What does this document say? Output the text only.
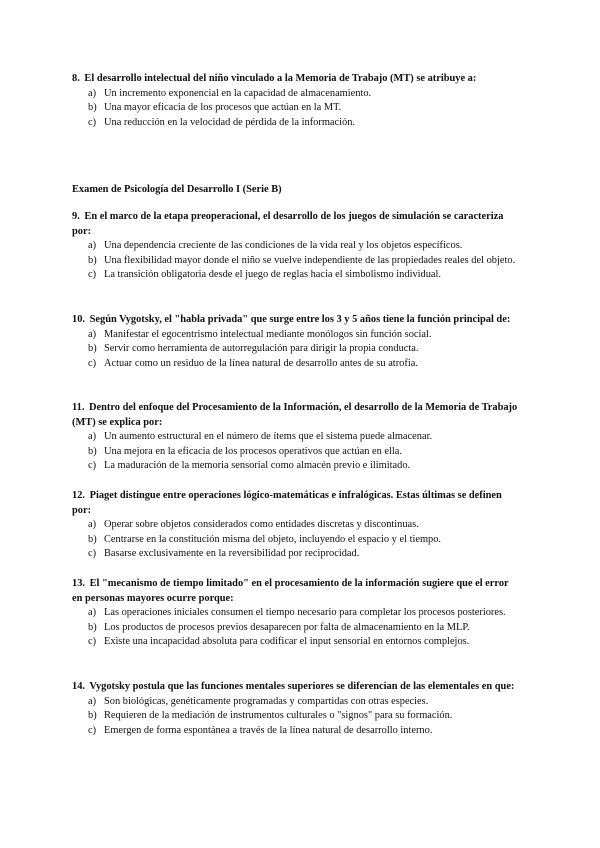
8. El desarrollo intelectual del niño vinculado a la Memoria de Trabajo (MT) se atribuye a:
a) Un incremento exponencial en la capacidad de almacenamiento.
b) Una mayor eficacia de los procesos que actúan en la MT.
c) Una reducción en la velocidad de pérdida de la información.
Examen de Psicología del Desarrollo I (Serie B)
9. En el marco de la etapa preoperacional, el desarrollo de los juegos de simulación se caracteriza por:
a) Una dependencia creciente de las condiciones de la vida real y los objetos específicos.
b) Una flexibilidad mayor donde el niño se vuelve independiente de las propiedades reales del objeto.
c) La transición obligatoria desde el juego de reglas hacia el simbolismo individual.
10. Según Vygotsky, el "habla privada" que surge entre los 3 y 5 años tiene la función principal de:
a) Manifestar el egocentrismo intelectual mediante monólogos sin función social.
b) Servir como herramienta de autorregulación para dirigir la propia conducta.
c) Actuar como un residuo de la línea natural de desarrollo antes de su atrofia.
11. Dentro del enfoque del Procesamiento de la Información, el desarrollo de la Memoria de Trabajo (MT) se explica por:
a) Un aumento estructural en el número de ítems que el sistema puede almacenar.
b) Una mejora en la eficacia de los procesos operativos que actúan en ella.
c) La maduración de la memoria sensorial como almacén previo e ilimitado.
12. Piaget distingue entre operaciones lógico-matemáticas e infralógicas. Estas últimas se definen por:
a) Operar sobre objetos considerados como entidades discretas y discontinuas.
b) Centrarse en la constitución misma del objeto, incluyendo el espacio y el tiempo.
c) Basarse exclusivamente en la reversibilidad por reciprocidad.
13. El "mecanismo de tiempo limitado" en el procesamiento de la información sugiere que el error en personas mayores ocurre porque:
a) Las operaciones iniciales consumen el tiempo necesario para completar los procesos posteriores.
b) Los productos de procesos previos desaparecen por falta de almacenamiento en la MLP.
c) Existe una incapacidad absoluta para codificar el input sensorial en entornos complejos.
14. Vygotsky postula que las funciones mentales superiores se diferencian de las elementales en que:
a) Son biológicas, genéticamente programadas y compartidas con otras especies.
b) Requieren de la mediación de instrumentos culturales o "signos" para su formación.
c) Emergen de forma espontánea a través de la línea natural de desarrollo interno.
